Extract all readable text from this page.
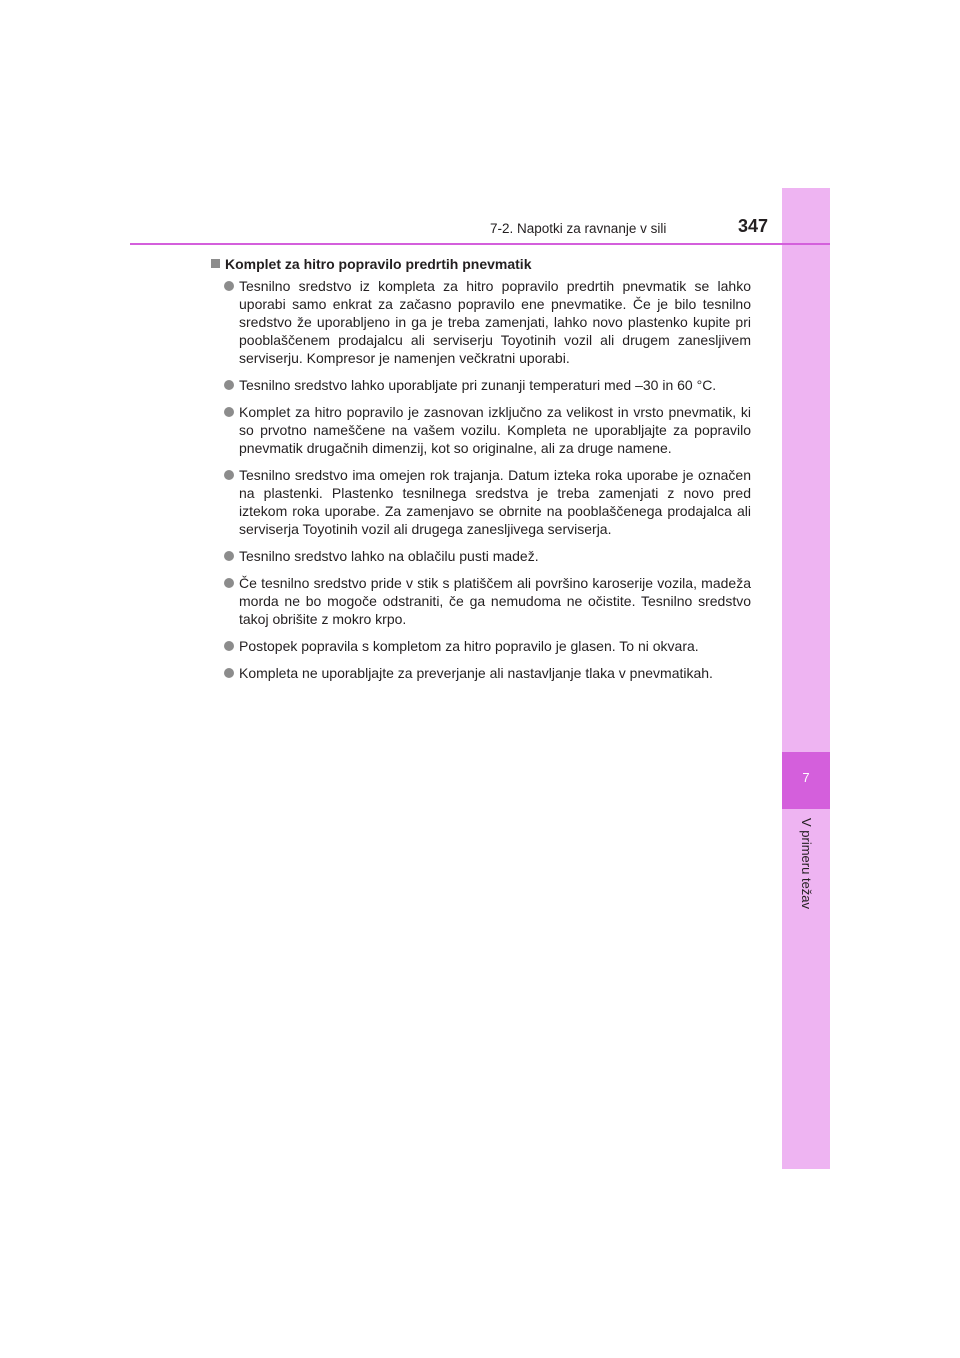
7
V primeru težav
7-2. Napotki za ravnanje v sili	347
Komplet za hitro popravilo predrtih pnevmatik
Tesnilno sredstvo iz kompleta za hitro popravilo predrtih pnevmatik se lahko uporabi samo enkrat za začasno popravilo ene pnevmatike. Če je bilo tesnilno sredstvo že uporabljeno in ga je treba zamenjati, lahko novo plastenko kupite pri pooblaščenem prodajalcu ali serviserju Toyotinih vozil ali drugem zanesljivem serviserju. Kompresor je namenjen večkratni uporabi.
Tesnilno sredstvo lahko uporabljate pri zunanji temperaturi med –30 in 60 °C.
Komplet za hitro popravilo je zasnovan izključno za velikost in vrsto pnevmatik, ki so prvotno nameščene na vašem vozilu. Kompleta ne uporabljajte za popravilo pnevmatik drugačnih dimenzij, kot so originalne, ali za druge namene.
Tesnilno sredstvo ima omejen rok trajanja. Datum izteka roka uporabe je označen na plastenki. Plastenko tesnilnega sredstva je treba zamenjati z novo pred iztekom roka uporabe. Za zamenjavo se obrnite na pooblaščenega prodajalca ali serviserja Toyotinih vozil ali drugega zanesljivega serviserja.
Tesnilno sredstvo lahko na oblačilu pusti madež.
Če tesnilno sredstvo pride v stik s platiščem ali površino karoserije vozila, madeža morda ne bo mogoče odstraniti, če ga nemudoma ne očistite. Tesnilno sredstvo takoj obrišite z mokro krpo.
Postopek popravila s kompletom za hitro popravilo je glasen. To ni okvara.
Kompleta ne uporabljajte za preverjanje ali nastavljanje tlaka v pnevmatikah.
